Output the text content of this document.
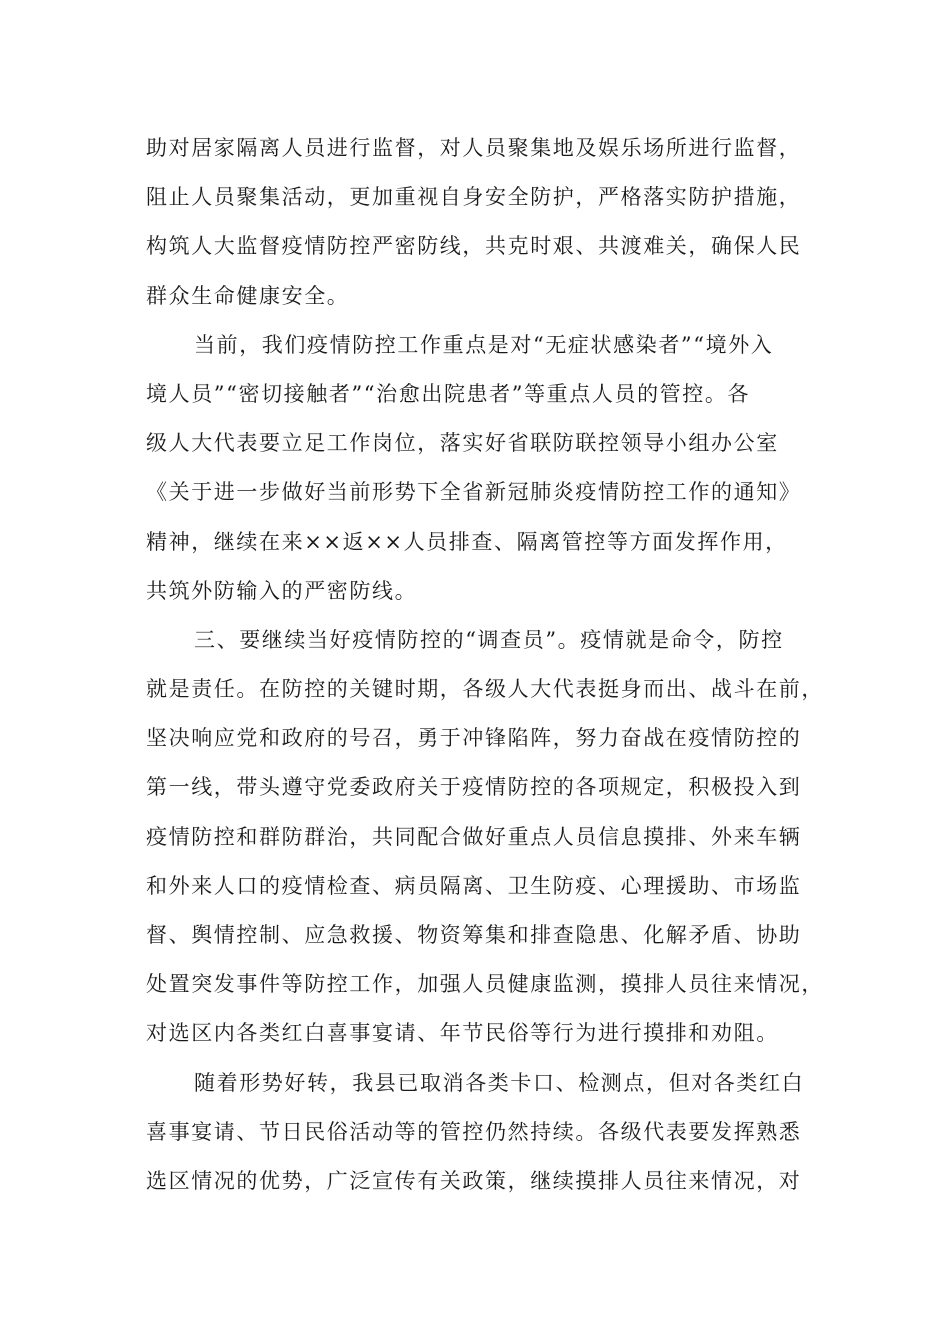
助对居家隔离人员进行监督，对人员聚集地及娱乐场所进行监督，
阻止人员聚集活动，更加重视自身安全防护，严格落实防护措施，
构筑人大监督疫情防控严密防线，共克时艰、共渡难关，确保人民
群众生命健康安全。
当前，我们疫情防控工作重点是对“无症状感染者”“境外入
境人员”“密切接触者”“治愈出院患者”等重点人员的管控。各
级人大代表要立足工作岗位，落实好省联防联控领导小组办公室
《关于进一步做好当前形势下全省新冠肺炎疫情防控工作的通知》
精神，继续在来××返××人员排查、隔离管控等方面发挥作用，
共筑外防输入的严密防线。
三、要继续当好疫情防控的“调查员”。疫情就是命令，防控
就是责任。在防控的关键时期，各级人大代表挺身而出、战斗在前，
坚决响应党和政府的号召，勇于冲锋陷阵，努力奋战在疫情防控的
第一线，带头遵守党委政府关于疫情防控的各项规定，积极投入到
疫情防控和群防群治，共同配合做好重点人员信息摸排、外来车辆
和外来人口的疫情检查、病员隔离、卫生防疫、心理援助、市场监
督、舆情控制、应急救援、物资筹集和排查隐患、化解矛盾、协助
处置突发事件等防控工作，加强人员健康监测，摸排人员往来情况，
对选区内各类红白喜事宴请、年节民俗等行为进行摸排和劝阻。
随着形势好转，我县已取消各类卡口、检测点，但对各类红白
喜事宴请、节日民俗活动等的管控仍然持续。各级代表要发挥熟悉
选区情况的优势，广泛宣传有关政策，继续摸排人员往来情况，对
